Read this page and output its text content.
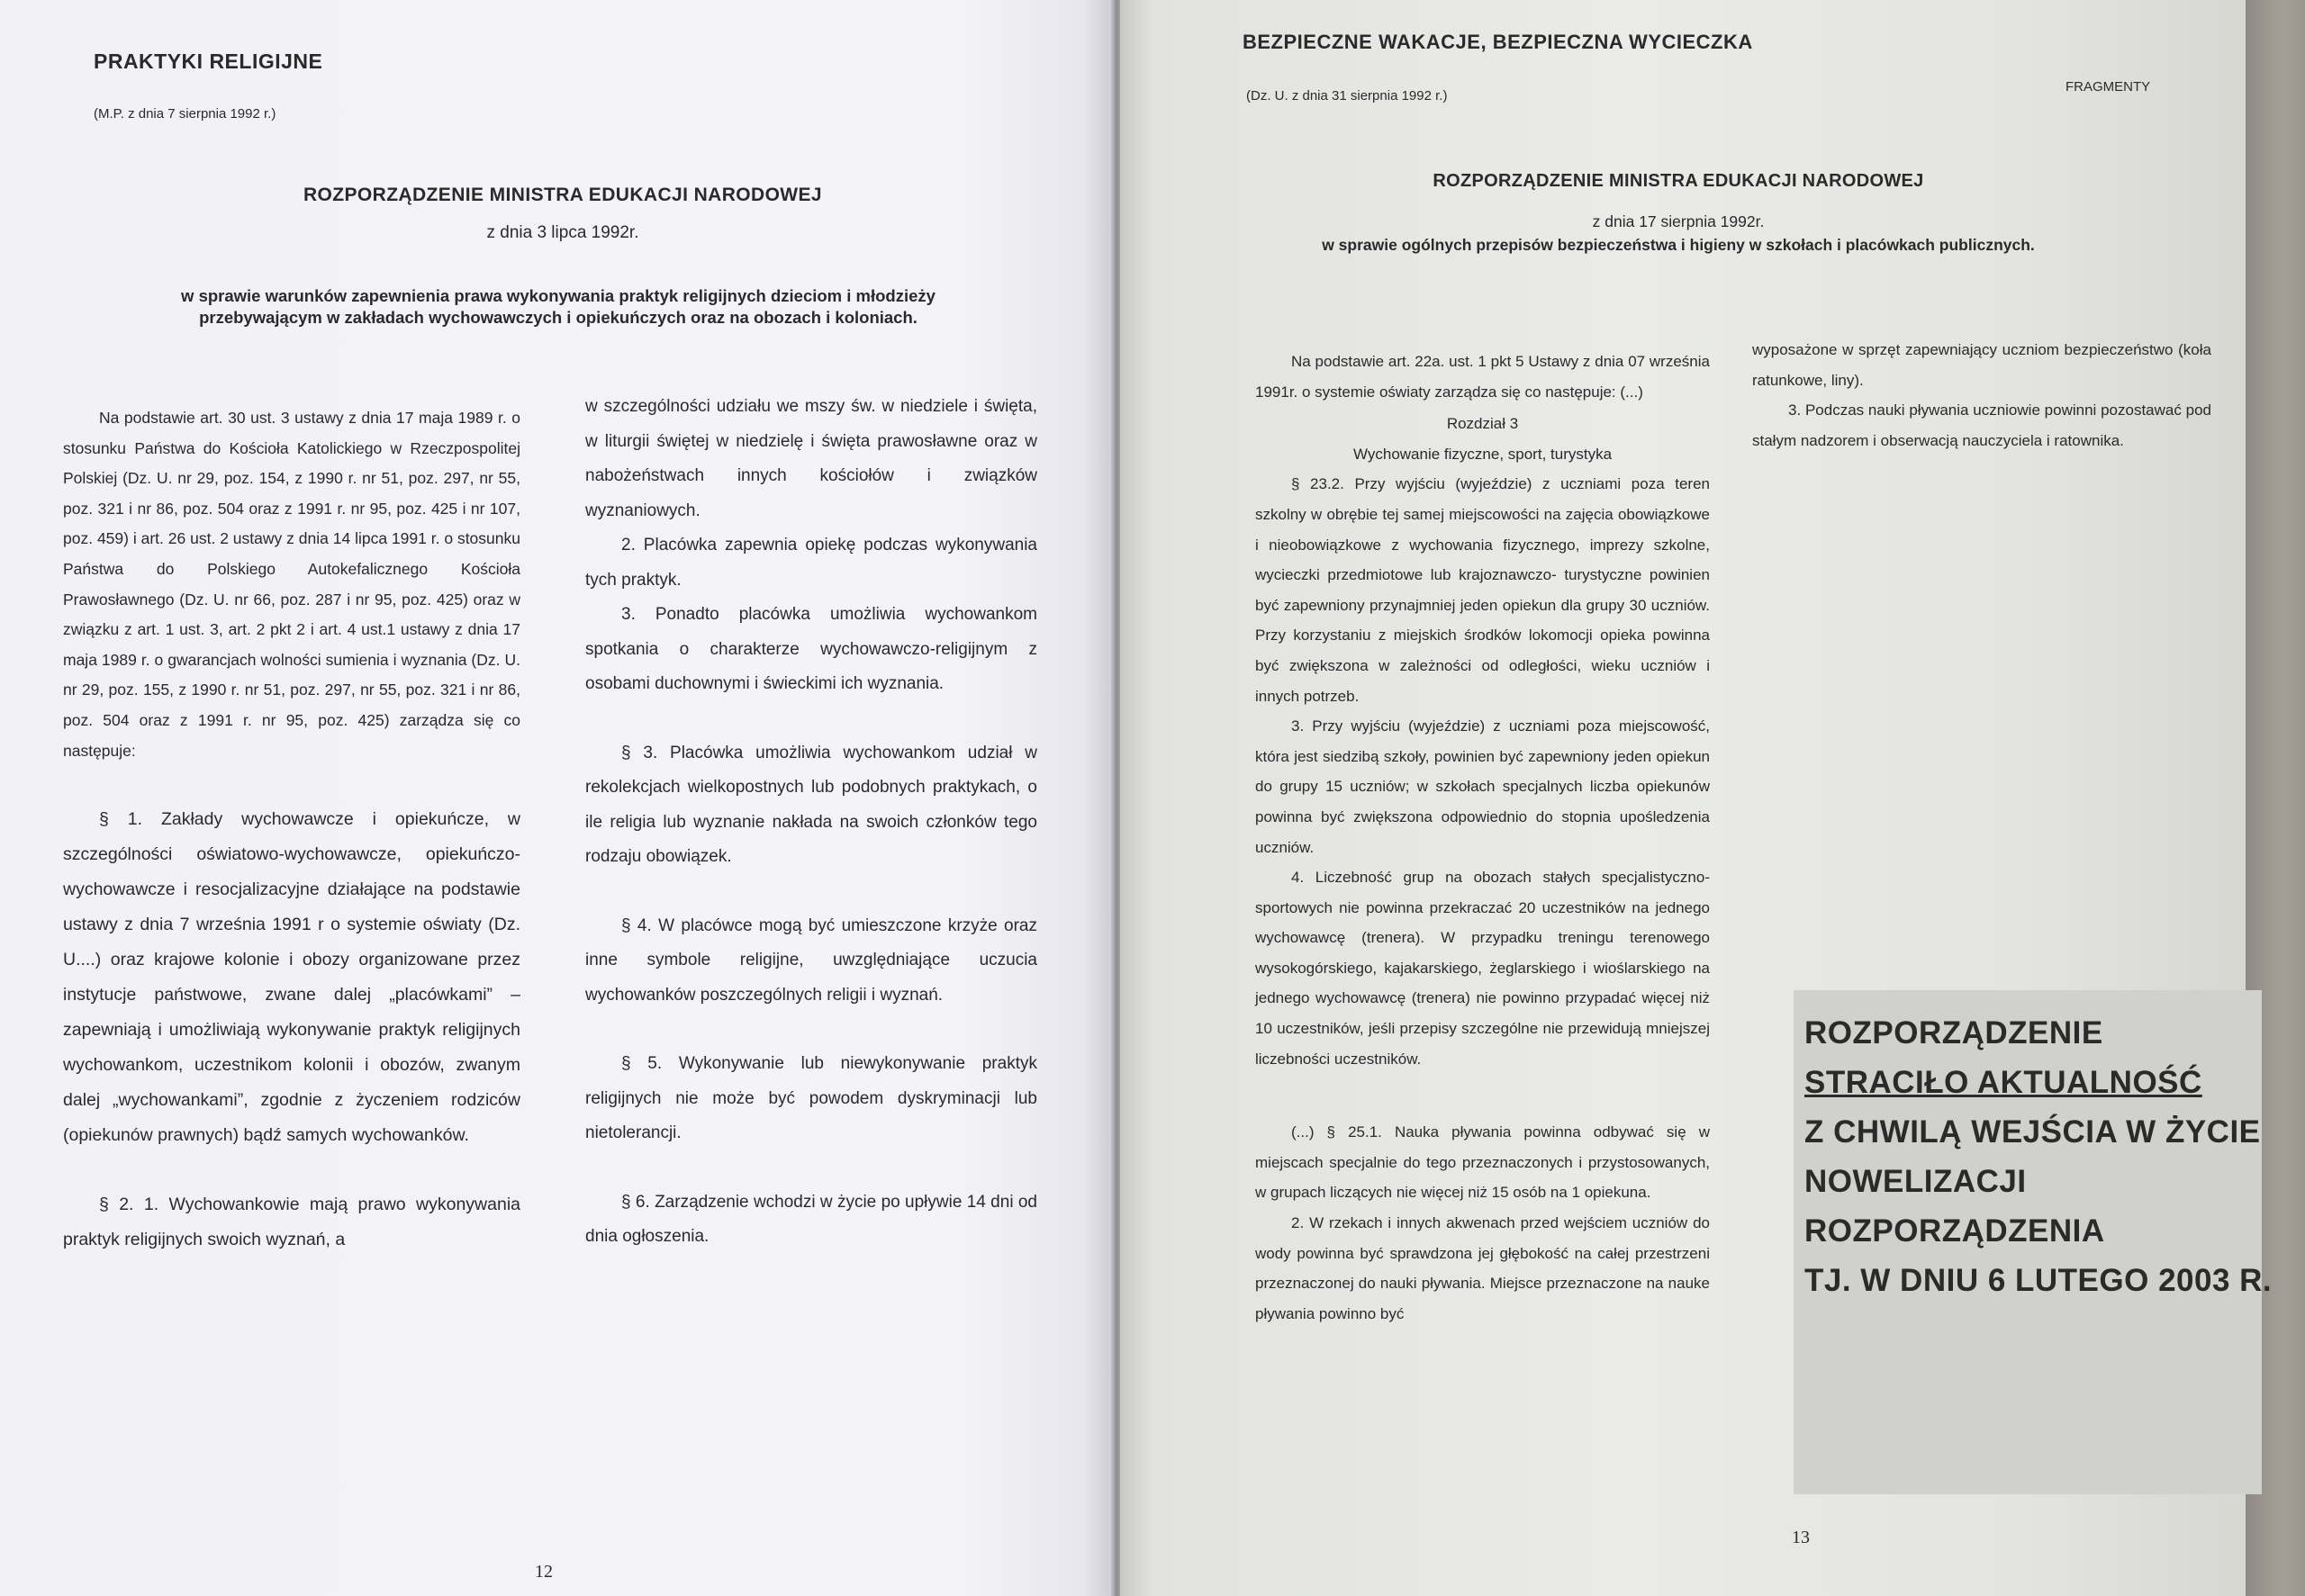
PRAKTYKI RELIGIJNE
(M.P. z dnia 7 sierpnia 1992 r.)
ROZPORZĄDZENIE MINISTRA EDUKACJI NARODOWEJ
z dnia 3 lipca 1992r.
w sprawie warunków zapewnienia prawa wykonywania praktyk religijnych dzieciom i młodzieży
przebywającym w zakładach wychowawczych i opiekuńczych oraz na obozach i koloniach.

Na podstawie art. 30 ust. 3 ustawy z dnia 17 maja 1989 r. o stosunku Państwa do Kościoła Katolickiego w Rzeczpospolitej Polskiej (Dz. U. nr 29, poz. 154, z 1990 r. nr 51, poz. 297, nr 55, poz. 321 i nr 86, poz. 504 oraz z 1991 r. nr 95, poz. 425 i nr 107, poz. 459) i art. 26 ust. 2 ustawy z dnia 14 lipca 1991 r. o stosunku Państwa do Polskiego Autokefalicznego Kościoła Prawosławnego (Dz. U. nr 66, poz. 287 i nr 95, poz. 425) oraz w związku z art. 1 ust. 3, art. 2 pkt 2 i art. 4 ust.1 ustawy z dnia 17 maja 1989 r. o gwarancjach wolności sumienia i wyznania (Dz. U. nr 29, poz. 155, z 1990 r. nr 51, poz. 297, nr 55, poz. 321 i nr 86, poz. 504 oraz z 1991 r. nr 95, poz. 425) zarządza się co następuje:

§ 1. Zakłady wychowawcze i opiekuńcze, w szczególności oświatowo-wychowawcze, opiekuńczo-wychowawcze i resocjalizacyjne działające na podstawie ustawy z dnia 7 września 1991 r o systemie oświaty (Dz. U....) oraz krajowe kolonie i obozy organizowane przez instytucje państwowe, zwane dalej „placówkami” – zapewniają i umożliwiają wykonywanie praktyk religijnych wychowankom, uczestnikom kolonii i obozów, zwanym dalej „wychowankami”, zgodnie z życzeniem rodziców (opiekunów prawnych) bądź samych wychowanków.

§ 2. 1. Wychowankowie mają prawo wykonywania praktyk religijnych swoich wyznań, a

w szczególności udziału we mszy św. w niedziele i święta, w liturgii świętej w niedzielę i święta prawosławne oraz w nabożeństwach innych kościołów i związków wyznaniowych.

2. Placówka zapewnia opiekę podczas wykonywania tych praktyk.

3. Ponadto placówka umożliwia wychowankom spotkania o charakterze wychowawczo-religijnym z osobami duchownymi i świeckimi ich wyznania.

§ 3. Placówka umożliwia wychowankom udział w rekolekcjach wielkopostnych lub podobnych praktykach, o ile religia lub wyznanie nakłada na swoich członków tego rodzaju obowiązek.

§ 4. W placówce mogą być umieszczone krzyże oraz inne symbole religijne, uwzględniające uczucia wychowanków poszczególnych religii i wyznań.

§ 5. Wykonywanie lub niewykonywanie praktyk religijnych nie może być powodem dyskryminacji lub nietolerancji.

§ 6. Zarządzenie wchodzi w życie po upływie 14 dni od dnia ogłoszenia.

12
BEZPIECZNE WAKACJE, BEZPIECZNA WYCIECZKA
(Dz. U. z dnia 31 sierpnia 1992 r.)
FRAGMENTY
ROZPORZĄDZENIE MINISTRA EDUKACJI NARODOWEJ
z dnia 17 sierpnia 1992r.
w sprawie ogólnych przepisów bezpieczeństwa i higieny w szkołach i placówkach publicznych.

Na podstawie art. 22a. ust. 1 pkt 5 Ustawy z dnia 07 września 1991r. o systemie oświaty zarządza się co następuje: (...)

Rozdział 3

Wychowanie fizyczne, sport, turystyka

§ 23.2. Przy wyjściu (wyjeździe) z uczniami poza teren szkolny w obrębie tej samej miejscowości na zajęcia obowiązkowe i nieobowiązkowe z wychowania fizycznego, imprezy szkolne, wycieczki przedmiotowe lub krajoznawczo- turystyczne powinien być zapewniony przynajmniej jeden opiekun dla grupy 30 uczniów. Przy korzystaniu z miejskich środków lokomocji opieka powinna być zwiększona w zależności od odległości, wieku uczniów i innych potrzeb.

3. Przy wyjściu (wyjeździe) z uczniami poza miejscowość, która jest siedzibą szkoły, powinien być zapewniony jeden opiekun do grupy 15 uczniów; w szkołach specjalnych liczba opiekunów powinna być zwiększona odpowiednio do stopnia upośledzenia uczniów.

4. Liczebność grup na obozach stałych specjalistyczno-sportowych nie powinna przekraczać 20 uczestników na jednego wychowawcę (trenera). W przypadku treningu terenowego wysokogórskiego, kajakarskiego, żeglarskiego i wioślarskiego na jednego wychowawcę (trenera) nie powinno przypadać więcej niż 10 uczestników, jeśli przepisy szczególne nie przewidują mniejszej liczebności uczestników.

(...) § 25.1. Nauka pływania powinna odbywać się w miejscach specjalnie do tego przeznaczonych i przystosowanych, w grupach liczących nie więcej niż 15 osób na 1 opiekuna.

2. W rzekach i innych akwenach przed wejściem uczniów do wody powinna być sprawdzona jej głębokość na całej przestrzeni przeznaczonej do nauki pływania. Miejsce przeznaczone na nauke pływania powinno być

wyposażone w sprzęt zapewniający uczniom bezpieczeństwo (koła ratunkowe, liny).

3. Podczas nauki pływania uczniowie powinni pozostawać pod stałym nadzorem i obserwacją nauczyciela i ratownika.

13
ROZPORZĄDZENIE
STRACIŁO AKTUALNOŚĆ
Z CHWILĄ WEJŚCIA W ŻYCIE
NOWELIZACJI
ROZPORZĄDZENIA
TJ. W DNIU 6 LUTEGO 2003 R.
